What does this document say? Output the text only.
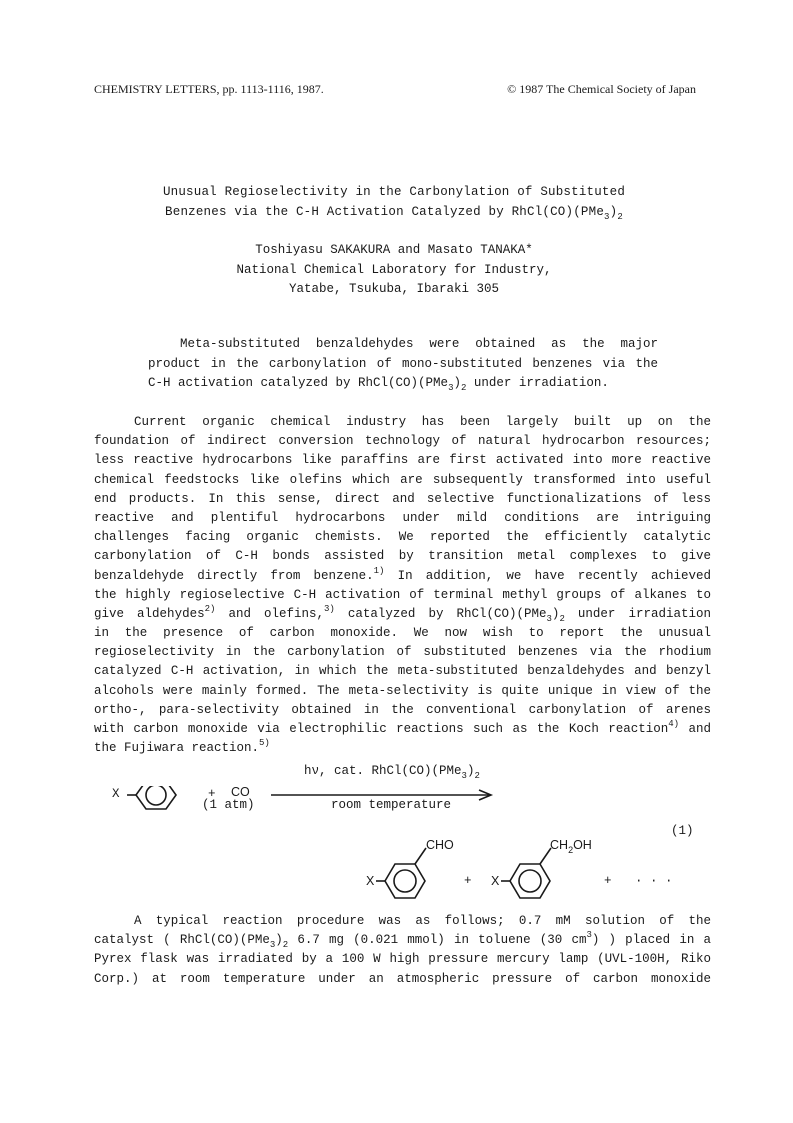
CHEMISTRY LETTERS, pp. 1113-1116, 1987.	© 1987 The Chemical Society of Japan
Unusual Regioselectivity in the Carbonylation of Substituted
Benzenes via the C-H Activation Catalyzed by $RhCl(CO)(PMe_3)_2$
Toshiyasu SAKAKURA and Masato TANAKA*
National Chemical Laboratory for Industry,
Yatabe, Tsukuba, Ibaraki 305
Meta-substituted benzaldehydes were obtained as the major
product in the carbonylation of mono-substituted benzenes via the
C-H activation catalyzed by $RhCl(CO)(PMe_3)_2$ under irradiation.
Current organic chemical industry has been largely built up on the
foundation of indirect conversion technology of natural hydrocarbon resources;
less reactive hydrocarbons like paraffins are first activated into more reactive
chemical feedstocks like olefins which are subsequently transformed into useful
end products. In this sense, direct and selective functionalizations of less
reactive and plentiful hydrocarbons under mild conditions are intriguing
challenges facing organic chemists. We reported the efficiently catalytic
carbonylation of C-H bonds assisted by transition metal complexes to give
benzaldehyde directly from benzene.$^{1)}$ In addition, we have recently achieved
the highly regioselective C-H activation of terminal methyl groups of alkanes to
give aldehydes$^{2)}$ and olefins,$^{3)}$ catalyzed by $RhCl(CO)(PMe_3)_2$ under irradiation
in the presence of carbon monoxide. We now wish to report the unusual
regioselectivity in the carbonylation of substituted benzenes via the rhodium
catalyzed C-H activation, in which the meta-substituted benzaldehydes and benzyl
alcohols were mainly formed. The meta-selectivity is quite unique in view of the
ortho-, para-selectivity obtained in the conventional carbonylation of arenes
with carbon monoxide via electrophilic reactions such as the Koch reaction$^{4)}$ and
the Fujiwara reaction.$^{5)}$
X	+ CO
(1 atm)
hν, cat. $RhCl(CO)(PMe_3)_2$
room temperature
(1)
X
CHO
+ X
$CH_2OH$
+ · · ·
A typical reaction procedure was as follows; 0.7 mM solution of the
catalyst ( $RhCl(CO)(PMe_3)_2$ 6.7 mg (0.021 mmol) in toluene (30 $cm^3$) ) placed in a
Pyrex flask was irradiated by a 100 W high pressure mercury lamp (UVL-100H, Riko
Corp.) at room temperature under an atmospheric pressure of carbon monoxide
